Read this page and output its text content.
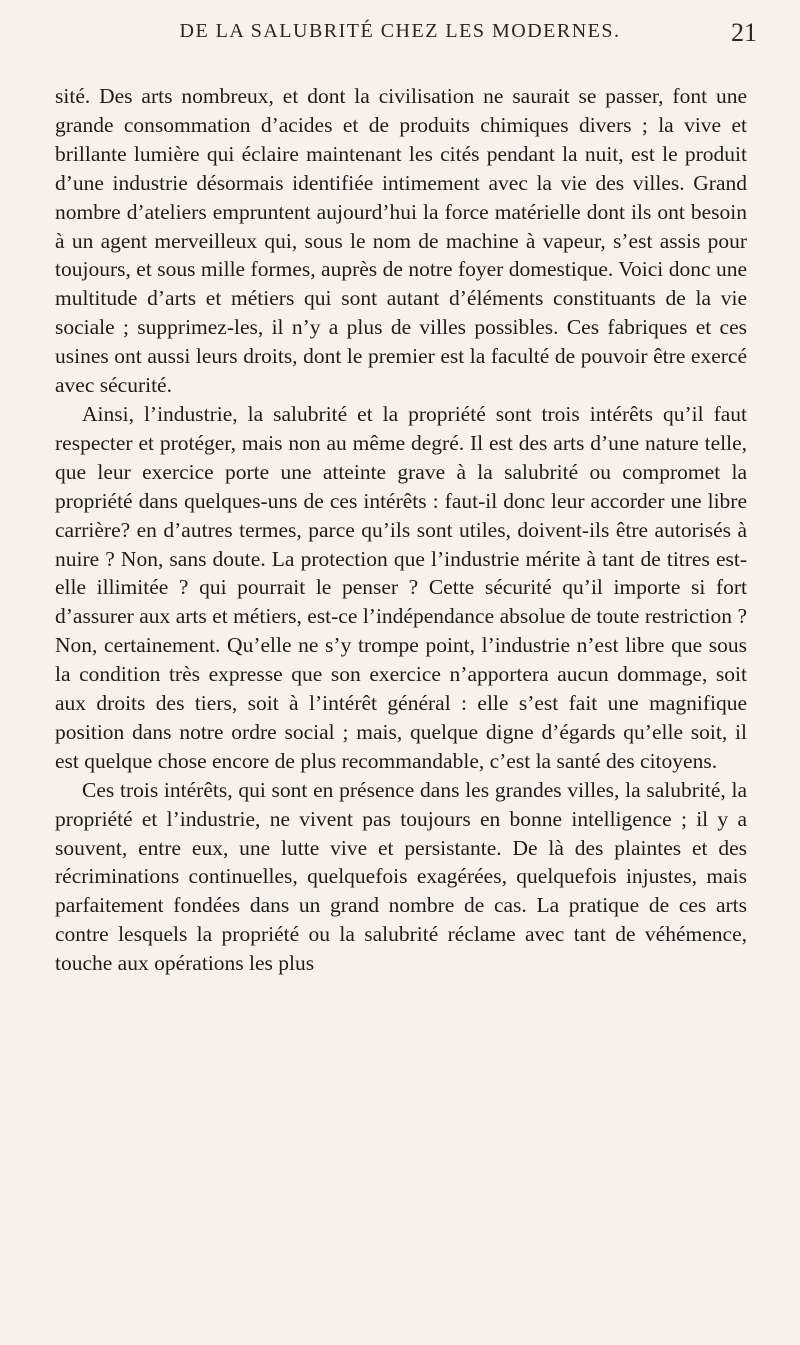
DE LA SALUBRITÉ CHEZ LES MODERNES.	21

sité. Des arts nombreux, et dont la civilisation ne saurait se passer, font une grande consommation d’acides et de produits chimiques divers ; la vive et brillante lumière qui éclaire maintenant les cités pendant la nuit, est le produit d’une industrie désormais identifiée intimement avec la vie des villes. Grand nombre d’ateliers empruntent aujourd’hui la force matérielle dont ils ont besoin à un agent merveilleux qui, sous le nom de machine à vapeur, s’est assis pour toujours, et sous mille formes, auprès de notre foyer domestique. Voici donc une multitude d’arts et métiers qui sont autant d’éléments constituants de la vie sociale ; supprimez-les, il n’y a plus de villes possibles. Ces fabriques et ces usines ont aussi leurs droits, dont le premier est la faculté de pouvoir être exercé avec sécurité.

Ainsi, l’industrie, la salubrité et la propriété sont trois intérêts qu’il faut respecter et protéger, mais non au même degré. Il est des arts d’une nature telle, que leur exercice porte une atteinte grave à la salubrité ou compromet la propriété dans quelques-uns de ces intérêts : faut-il donc leur accorder une libre carrière? en d’autres termes, parce qu’ils sont utiles, doivent-ils être autorisés à nuire ? Non, sans doute. La protection que l’industrie mérite à tant de titres est-elle illimitée ? qui pourrait le penser ? Cette sécurité qu’il importe si fort d’assurer aux arts et métiers, est-ce l’indépendance absolue de toute restriction ? Non, certainement. Qu’elle ne s’y trompe point, l’industrie n’est libre que sous la condition très expresse que son exercice n’apportera aucun dommage, soit aux droits des tiers, soit à l’intérêt général : elle s’est fait une magnifique position dans notre ordre social ; mais, quelque digne d’égards qu’elle soit, il est quelque chose encore de plus recommandable, c’est la santé des citoyens.

Ces trois intérêts, qui sont en présence dans les grandes villes, la salubrité, la propriété et l’industrie, ne vivent pas toujours en bonne intelligence ; il y a souvent, entre eux, une lutte vive et persistante. De là des plaintes et des récriminations continuelles, quelquefois exagérées, quelquefois injustes, mais parfaitement fondées dans un grand nombre de cas. La pratique de ces arts contre lesquels la propriété ou la salubrité réclame avec tant de véhémence, touche aux opérations les plus
